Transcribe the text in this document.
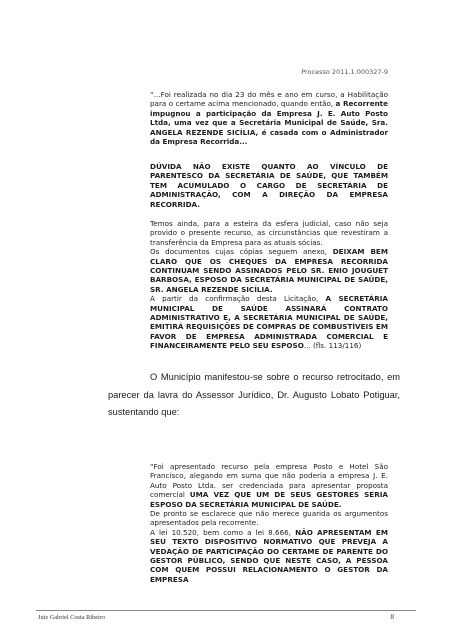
Processo 2011.1.000327-9

“...Foi realizada no dia 23 do mês e ano em curso, a Habilitação para o certame acima mencionado, quando então, a Recorrente impugnou a participação da Empresa J. E. Auto Posto Ltda, uma vez que a Secretária Municipal de Saúde, Sra. ANGELA REZENDE SICÍLIA, é casada com o Administrador da Empresa Recorrida...

DÚVIDA NÃO EXISTE QUANTO AO VÍNCULO DE PARENTESCO DA SECRETÁRIA DE SAÚDE, QUE TAMBÉM TEM ACUMULADO O CARGO DE SECRETÁRIA DE ADMINISTRAÇÃO, COM A DIREÇÃO DA EMPRESA RECORRIDA.

Temos ainda, para a esteira da esfera judicial, caso não seja provido o presente recurso, as circunstâncias que revestiram a transferência da Empresa para as atuais sócias.

Os documentos cujas cópias seguem anexo, DEIXAM BEM CLARO QUE OS CHEQUES DA EMPRESA RECORRIDA CONTINUAM SENDO ASSINADOS PELO SR. ENIO JOUGUET BARBOSA, ESPOSO DA SECRETÁRIA MUNICIPAL DE SAÚDE, SR. ANGELA REZENDE SICÍLIA.

A partir da confirmação desta Licitação, A SECRETÁRIA MUNICIPAL DE SAÚDE ASSINARÁ CONTRATO ADMINISTRATIVO E, A SECRETÁRIA MUNICIPAL DE SAÚDE, EMITIRÁ REQUISIÇÕES DE COMPRAS DE COMBUSTÍVEIS EM FAVOR DE EMPRESA ADMINISTRADA COMERCIAL E FINANCEIRAMENTE PELO SEU ESPOSO... (fls. 113/116)

O Município manifestou-se sobre o recurso retrocitado, em parecer da lavra do Assessor Jurídico, Dr. Augusto Lobato Potiguar, sustentando que:

“Foi apresentado recurso pela empresa Posto e Hotel São Francisco, alegando em suma que não poderia a empresa J. E. Auto Posto Ltda. ser credenciada para apresentar proposta comercial UMA VEZ QUE UM DE SEUS GESTORES SERIA ESPOSO DA SECRETÁRIA MUNICIPAL DE SAÚDE.

De pronto se esclarece que não merece guarida os argumentos apresentados pela recorrente.

A lei 10.520, bem como a lei 8.666, NÃO APRESENTAM EM SEU TEXTO DISPOSITIVO NORMATIVO QUE PREVEJA A VEDAÇÃO DE PARTICIPAÇÃO DO CERTAME DE PARENTE DO GESTOR PÚBLICO, SENDO QUE NESTE CASO, A PESSOA COM QUEM POSSUI RELACIONAMENTO O GESTOR DA EMPRESA

Juiz Gabriel Costa Ribeiro	8
